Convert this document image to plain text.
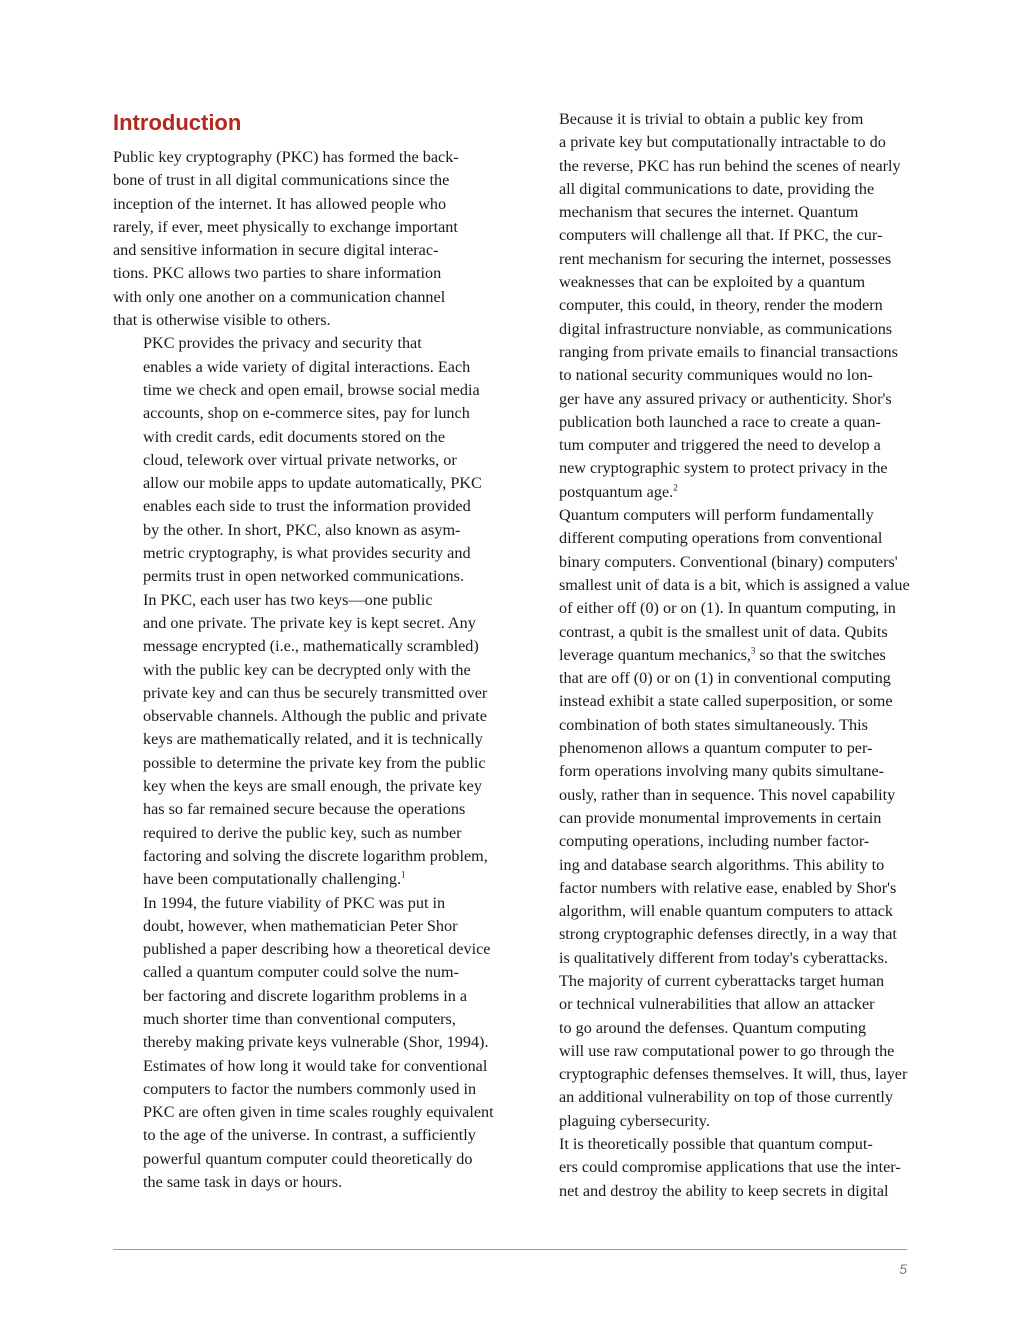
Introduction

Public key cryptography (PKC) has formed the back-
bone of trust in all digital communications since the
inception of the internet. It has allowed people who
rarely, if ever, meet physically to exchange important
and sensitive information in secure digital interac-
tions. PKC allows two parties to share information
with only one another on a communication channel
that is otherwise visible to others.

PKC provides the privacy and security that
enables a wide variety of digital interactions. Each
time we check and open email, browse social media
accounts, shop on e-commerce sites, pay for lunch
with credit cards, edit documents stored on the
cloud, telework over virtual private networks, or
allow our mobile apps to update automatically, PKC
enables each side to trust the information provided
by the other. In short, PKC, also known as asym-
metric cryptography, is what provides security and
permits trust in open networked communications.

In PKC, each user has two keys—one public
and one private. The private key is kept secret. Any
message encrypted (i.e., mathematically scrambled)
with the public key can be decrypted only with the
private key and can thus be securely transmitted over
observable channels. Although the public and private
keys are mathematically related, and it is technically
possible to determine the private key from the public
key when the keys are small enough, the private key
has so far remained secure because the operations
required to derive the public key, such as number
factoring and solving the discrete logarithm problem,
have been computationally challenging.$^1$

In 1994, the future viability of PKC was put in
doubt, however, when mathematician Peter Shor
published a paper describing how a theoretical device
called a quantum computer could solve the num-
ber factoring and discrete logarithm problems in a
much shorter time than conventional computers,
thereby making private keys vulnerable (Shor, 1994).
Estimates of how long it would take for conventional
computers to factor the numbers commonly used in
PKC are often given in time scales roughly equivalent
to the age of the universe. In contrast, a sufficiently
powerful quantum computer could theoretically do
the same task in days or hours.

Because it is trivial to obtain a public key from
a private key but computationally intractable to do
the reverse, PKC has run behind the scenes of nearly
all digital communications to date, providing the
mechanism that secures the internet. Quantum
computers will challenge all that. If PKC, the cur-
rent mechanism for securing the internet, possesses
weaknesses that can be exploited by a quantum
computer, this could, in theory, render the modern
digital infrastructure nonviable, as communications
ranging from private emails to financial transactions
to national security communiques would no lon-
ger have any assured privacy or authenticity. Shor's
publication both launched a race to create a quan-
tum computer and triggered the need to develop a
new cryptographic system to protect privacy in the
postquantum age.$^2$

Quantum computers will perform fundamentally
different computing operations from conventional
binary computers. Conventional (binary) computers'
smallest unit of data is a bit, which is assigned a value
of either off (0) or on (1). In quantum computing, in
contrast, a qubit is the smallest unit of data. Qubits
leverage quantum mechanics,$^3$ so that the switches
that are off (0) or on (1) in conventional computing
instead exhibit a state called superposition, or some
combination of both states simultaneously. This
phenomenon allows a quantum computer to per-
form operations involving many qubits simultane-
ously, rather than in sequence. This novel capability
can provide monumental improvements in certain
computing operations, including number factor-
ing and database search algorithms. This ability to
factor numbers with relative ease, enabled by Shor's
algorithm, will enable quantum computers to attack
strong cryptographic defenses directly, in a way that
is qualitatively different from today's cyberattacks.
The majority of current cyberattacks target human
or technical vulnerabilities that allow an attacker
to go around the defenses. Quantum computing
will use raw computational power to go through the
cryptographic defenses themselves. It will, thus, layer
an additional vulnerability on top of those currently
plaguing cybersecurity.

It is theoretically possible that quantum comput-
ers could compromise applications that use the inter-
net and destroy the ability to keep secrets in digital

5
